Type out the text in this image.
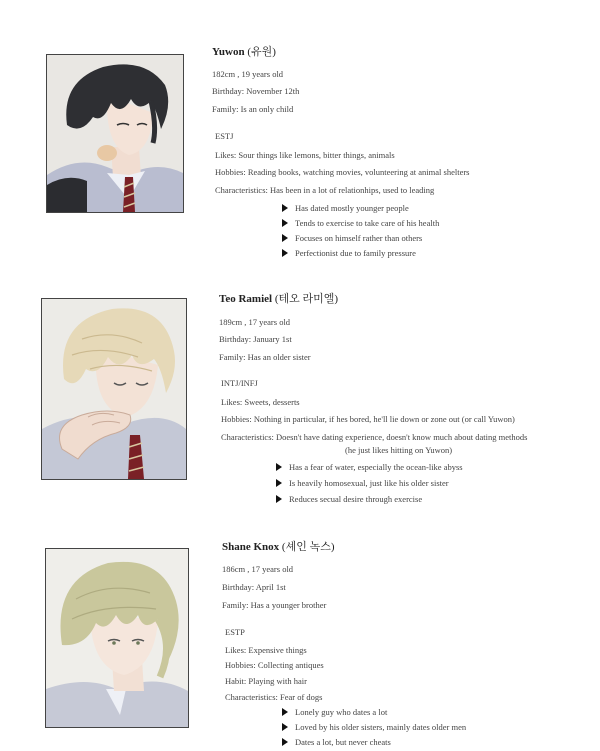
Yuwon (유원)
182cm , 19 years old
Birthday: November 12th
Family: Is an only child
ESTJ
Likes: Sour things like lemons, bitter things, animals
Hobbies: Reading books, watching movies, volunteering at animal shelters
Characteristics: Has been in a lot of relationhips, used to leading
Has dated mostly younger people
Tends to exercise to take care of his health
Focuses on himself rather than others
Perfectionist due to family pressure
Teo Ramiel (테오 라미엘)
189cm , 17 years old
Birthday: January 1st
Family: Has an older sister
INTJ/INFJ
Likes: Sweets, desserts
Hobbies: Nothing in particular, if hes bored, he'll lie down or zone out (or call Yuwon)
Characteristics: Doesn't have dating experience, doesn't know much about dating methods
(he just likes hitting on Yuwon)
Has a fear of water, especially the ocean-like abyss
Is heavily homosexual, just like his older sister
Reduces secual desire through exercise
Shane Knox (셰인 녹스)
186cm , 17 years old
Birthday: April 1st
Family: Has a younger brother
ESTP
Likes: Expensive things
Hobbies: Collecting antiques
Habit: Playing with hair
Characteristics: Fear of dogs
Lonely guy who dates a lot
Loved by his older sisters, mainly dates older men
Dates a lot, but never cheats
